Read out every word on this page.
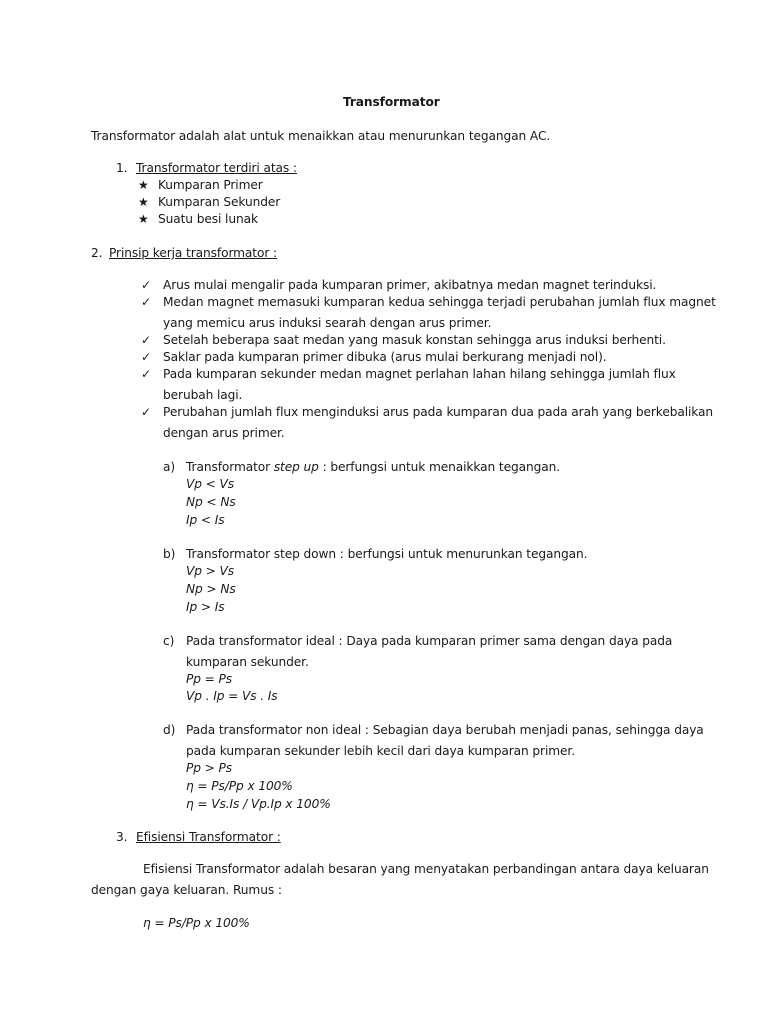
Transformator
Transformator adalah alat untuk menaikkan atau menurunkan tegangan AC.
1. Transformator terdiri atas :
★ Kumparan Primer
★ Kumparan Sekunder
★ Suatu besi lunak
2. Prinsip kerja transformator :
✓ Arus mulai mengalir pada kumparan primer, akibatnya medan magnet terinduksi.
✓ Medan magnet memasuki kumparan kedua sehingga terjadi perubahan jumlah flux magnet
yang memicu arus induksi searah dengan arus primer.
✓ Setelah beberapa saat medan yang masuk konstan sehingga arus induksi berhenti.
✓ Saklar pada kumparan primer dibuka (arus mulai berkurang menjadi nol).
✓ Pada kumparan sekunder medan magnet perlahan lahan hilang sehingga jumlah flux
berubah lagi.
✓ Perubahan jumlah flux menginduksi arus pada kumparan dua pada arah yang berkebalikan
dengan arus primer.
a) Transformator step up : berfungsi untuk menaikkan tegangan.
Vp < Vs
Np < Ns
Ip < Is
b) Transformator step down : berfungsi untuk menurunkan tegangan.
Vp > Vs
Np > Ns
Ip > Is
c) Pada transformator ideal : Daya pada kumparan primer sama dengan daya pada
kumparan sekunder.
Pp = Ps
Vp . Ip = Vs . Is
d) Pada transformator non ideal : Sebagian daya berubah menjadi panas, sehingga daya
pada kumparan sekunder lebih kecil dari daya kumparan primer.
Pp > Ps
η = Ps/Pp x 100%
η = Vs.Is / Vp.Ip x 100%
3. Efisiensi Transformator :
Efisiensi Transformator adalah besaran yang menyatakan perbandingan antara daya keluaran
dengan gaya keluaran. Rumus :
η = Ps/Pp x 100%
